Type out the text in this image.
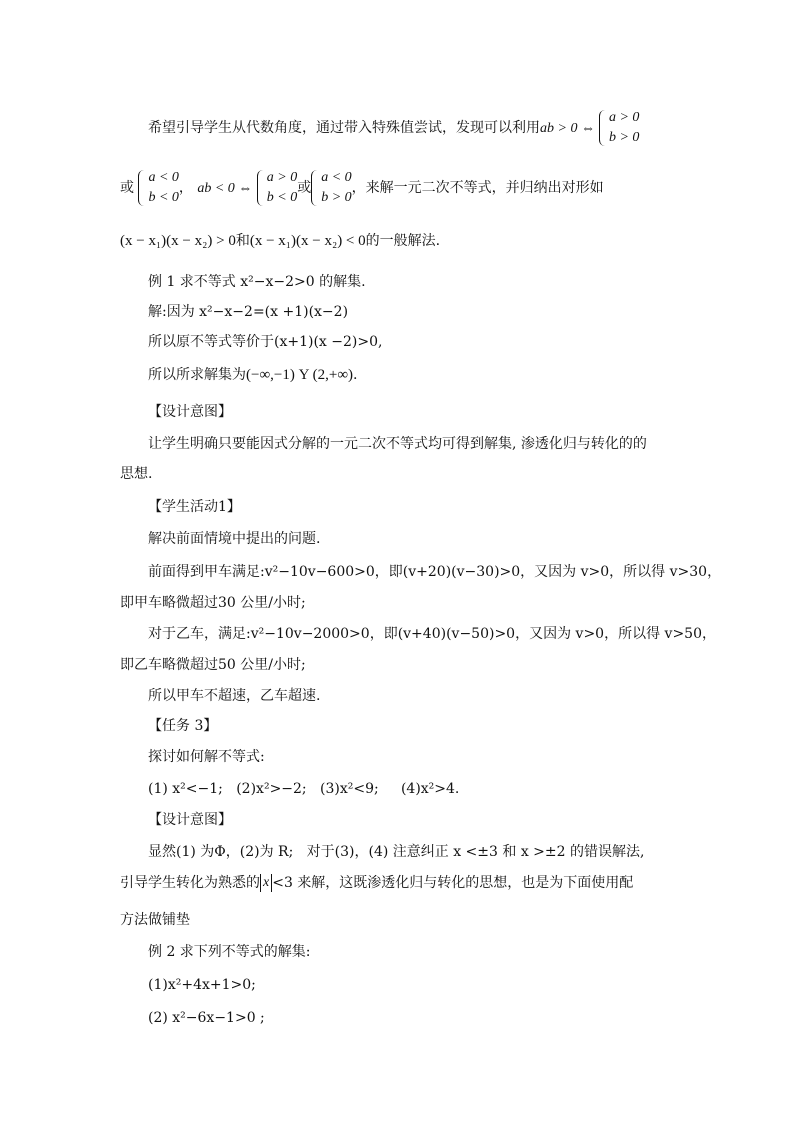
希望引导学生从代数角度，通过带入特殊值尝试，发现可以利用ab > 0 ⇔
a > 0
b > 0
或
a < 0
b < 0
， ab < 0 ⇔
a > 0
b < 0
或
a < 0
b > 0
，来解一元二次不等式，并归纳出对形如
(x − x₁)(x − x₂) > 0和(x − x₁)(x − x₂) < 0的一般解法.
例 1 求不等式 x²−x−2>0 的解集.
解:因为 x²−x−2=(x +1)(x−2)
所以原不等式等价于(x+1)(x −2)>0,
所以所求解集为(−∞,−1) Y (2,+∞).
【设计意图】
让学生明确只要能因式分解的一元二次不等式均可得到解集, 渗透化归与转化的的
思想.
【学生活动1】
解决前面情境中提出的问题.
前面得到甲车满足:v²−10v−600>0，即(v+20)(v−30)>0，又因为 v>0，所以得 v>30，
即甲车略微超过30 公里/小时;
对于乙车，满足:v²−10v−2000>0，即(v+40)(v−50)>0，又因为 v>0，所以得 v>50，
即乙车略微超过50 公里/小时;
所以甲车不超速，乙车超速.
【任务 3】
探讨如何解不等式:
(1) x²<−1;   (2)x²>−2;   (3)x²<9;     (4)x²>4.
【设计意图】
显然(1) 为Φ，(2)为 R;   对于(3)，(4) 注意纠正 x <±3 和 x >±2 的错误解法,
引导学生转化为熟悉的 x <3 来解，这既渗透化归与转化的思想，也是为下面使用配
方法做铺垫
例 2 求下列不等式的解集:
(1)x²+4x+1>0;
(2) x²−6x−1>0 ;
